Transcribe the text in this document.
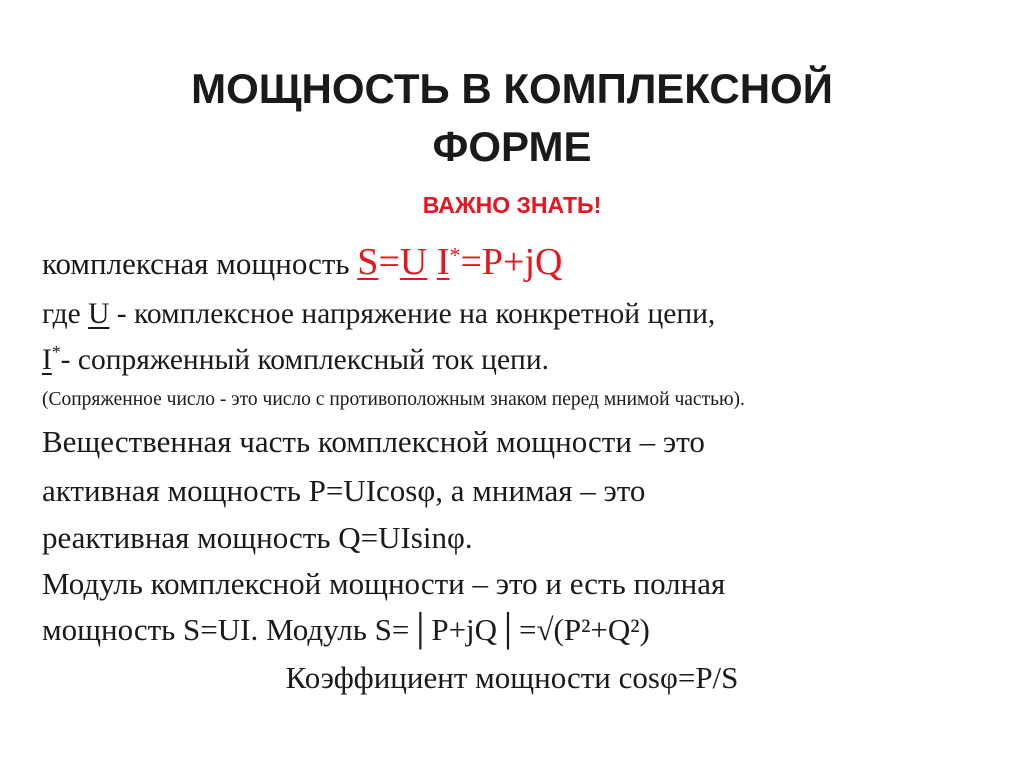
МОЩНОСТЬ В КОМПЛЕКСНОЙ
ФОРМЕ
ВАЖНО ЗНАТЬ!
комплексная мощность S=U I*=P+jQ
где U - комплексное напряжение на конкретной цепи,
I*- сопряженный комплексный ток цепи.
(Сопряженное число - это число с противоположным знаком перед мнимой частью).
Вещественная часть комплексной мощности – это
активная мощность P=UIcosφ, а мнимая – это
реактивная мощность Q=UIsinφ.
Модуль комплексной мощности – это и есть полная
мощность S=UI. Модуль S=│P+jQ│=√(P²+Q²)
Коэффициент мощности cosφ=P/S
